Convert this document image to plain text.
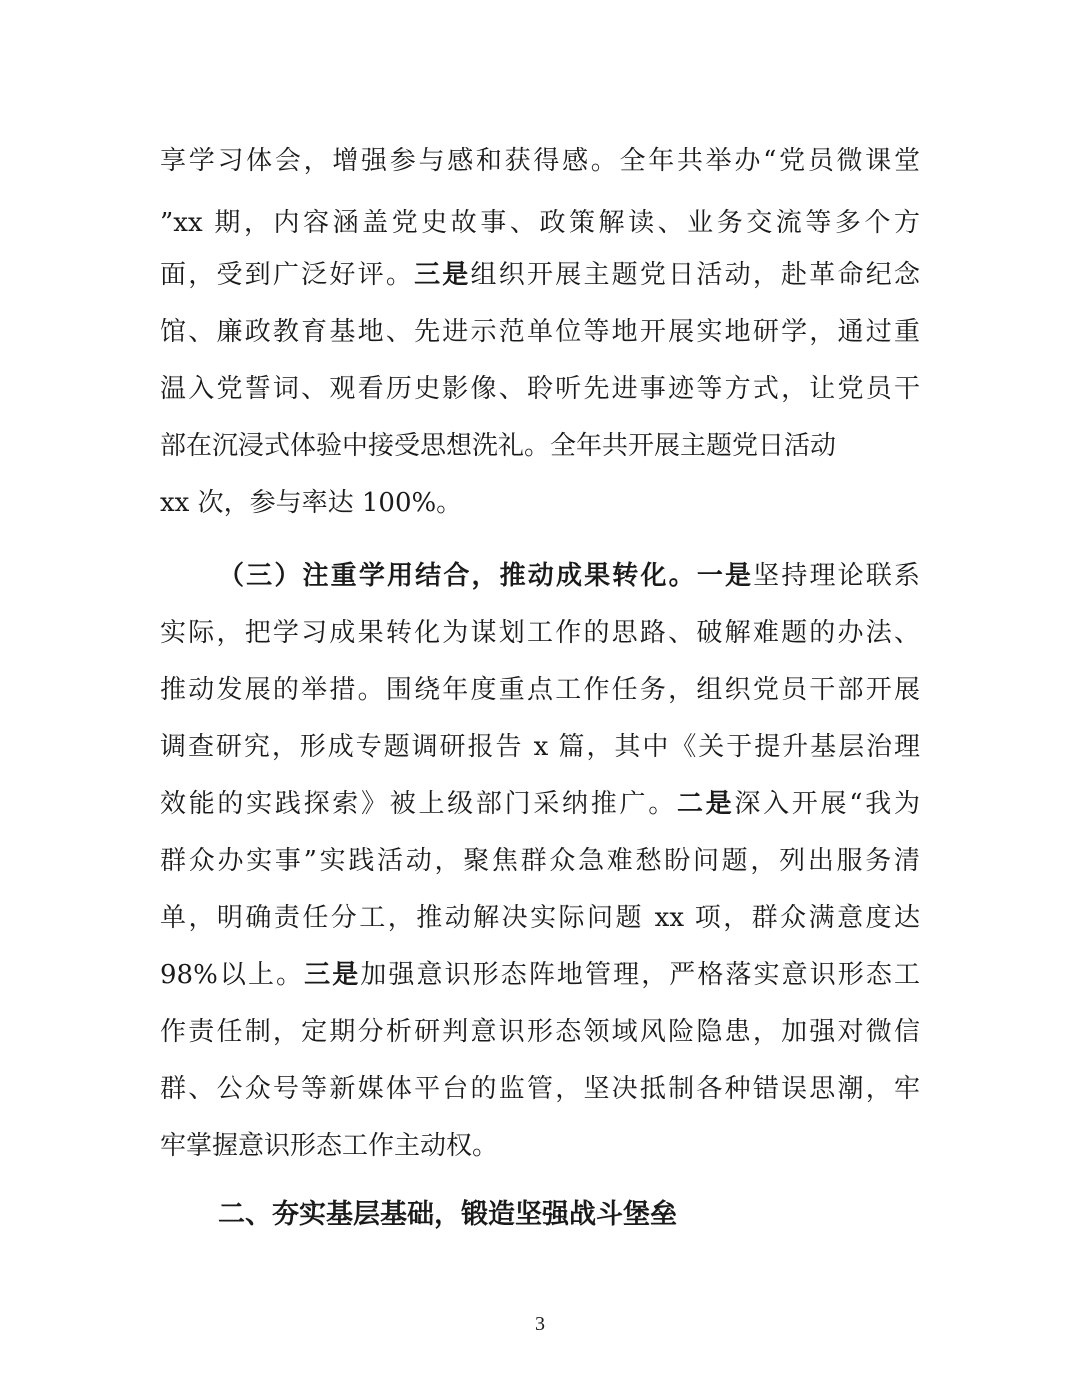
享学习体会，增强参与感和获得感。全年共举办“党员微课堂
”xx 期，内容涵盖党史故事、政策解读、业务交流等多个方
面，受到广泛好评。三是组织开展主题党日活动，赴革命纪念
馆、廉政教育基地、先进示范单位等地开展实地研学，通过重
温入党誓词、观看历史影像、聆听先进事迹等方式，让党员干
部在沉浸式体验中接受思想洗礼。全年共开展主题党日活动
xx 次，参与率达 100%。
（三）注重学用结合，推动成果转化。一是坚持理论联系
实际，把学习成果转化为谋划工作的思路、破解难题的办法、
推动发展的举措。围绕年度重点工作任务，组织党员干部开展
调查研究，形成专题调研报告 x 篇，其中《关于提升基层治理
效能的实践探索》被上级部门采纳推广。二是深入开展“我为
群众办实事”实践活动，聚焦群众急难愁盼问题，列出服务清
单，明确责任分工，推动解决实际问题 xx 项，群众满意度达
98%以上。三是加强意识形态阵地管理，严格落实意识形态工
作责任制，定期分析研判意识形态领域风险隐患，加强对微信
群、公众号等新媒体平台的监管，坚决抵制各种错误思潮，牢
牢掌握意识形态工作主动权。
二、夯实基层基础，锻造坚强战斗堡垒
3
